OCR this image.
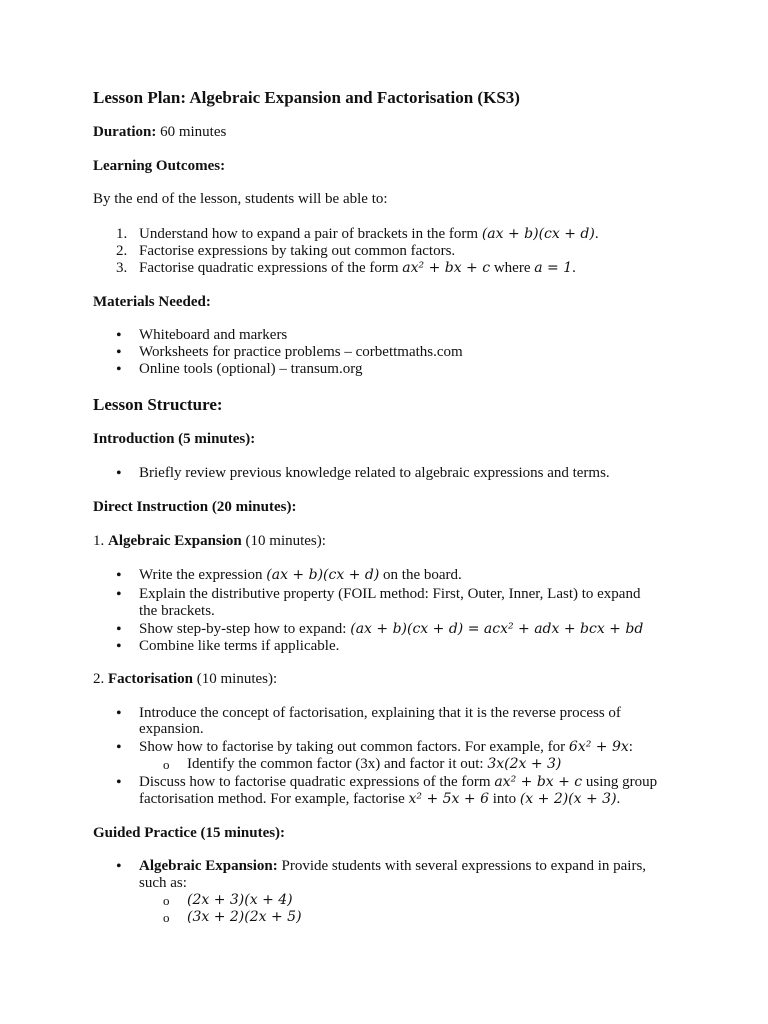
Lesson Plan: Algebraic Expansion and Factorisation (KS3)
Duration: 60 minutes
Learning Outcomes:
By the end of the lesson, students will be able to:
1. Understand how to expand a pair of brackets in the form (ax + b)(cx + d).
2. Factorise expressions by taking out common factors.
3. Factorise quadratic expressions of the form ax² + bx + c where a = 1.
Materials Needed:
•
Whiteboard and markers
•
Worksheets for practice problems – corbettmaths.com
•
Online tools (optional) – transum.org
Lesson Structure:
Introduction (5 minutes):
•
Briefly review previous knowledge related to algebraic expressions and terms.
Direct Instruction (20 minutes):
1. Algebraic Expansion (10 minutes):
•
Write the expression (ax + b)(cx + d) on the board.
•
Explain the distributive property (FOIL method: First, Outer, Inner, Last) to expand
the brackets.
•
Show step-by-step how to expand: (ax + b)(cx + d) = acx² + adx + bcx + bd
•
Combine like terms if applicable.
2. Factorisation (10 minutes):
•
Introduce the concept of factorisation, explaining that it is the reverse process of
expansion.
•
Show how to factorise by taking out common factors. For example, for 6x² + 9x:
o Identify the common factor (3x) and factor it out: 3x(2x + 3)
•
Discuss how to factorise quadratic expressions of the form ax² + bx + c using group
factorisation method. For example, factorise x² + 5x + 6 into (x + 2)(x + 3).
Guided Practice (15 minutes):
•
Algebraic Expansion: Provide students with several expressions to expand in pairs,
such as:
o (2x + 3)(x + 4)
o (3x + 2)(2x + 5)
